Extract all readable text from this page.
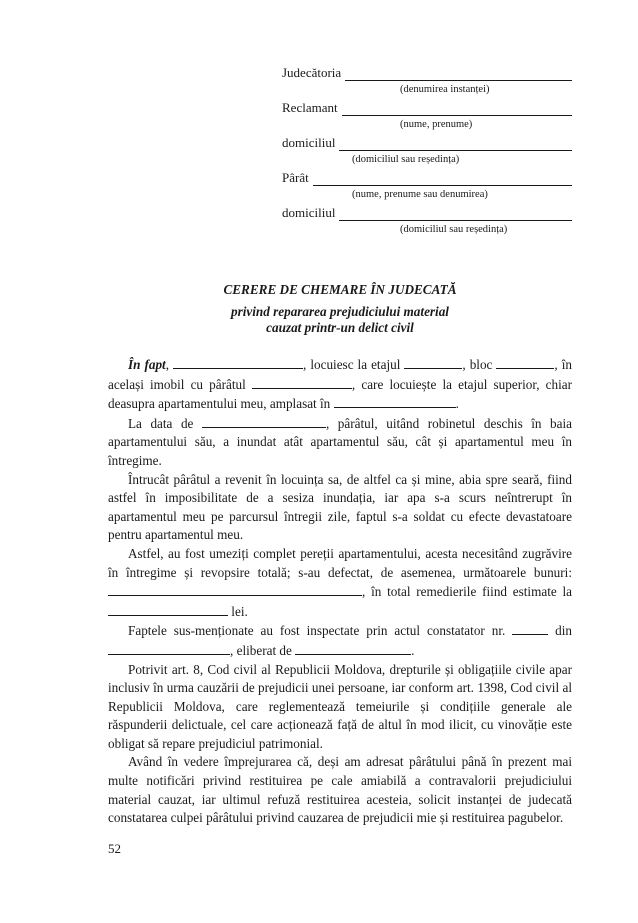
Judecătoria
(denumirea instanței)
Reclamant
(nume, prenume)
domiciliul
(domiciliul sau reședința)
Pârât
(nume, prenume sau denumirea)
domiciliul
(domiciliul sau reședința)
CERERE DE CHEMARE ÎN JUDECATĂ
privind repararea prejudiciului material
cauzat printr-un delict civil

În fapt,	, locuiesc la etajul	, bloc	, în același imobil cu pârâtul	, care locuiește la etajul superior, chiar deasupra apartamentului meu, amplasat în	.

La data de	, pârâtul, uitând robinetul deschis în baia apartamentului său, a inundat atât apartamentul său, cât și apartamentul meu în întregime.

Întrucât pârâtul a revenit în locuința sa, de altfel ca și mine, abia spre seară, fiind astfel în imposibilitate de a sesiza inundația, iar apa s-a scurs neîntrerupt în apartamentul meu pe parcursul întregii zile, faptul s-a soldat cu efecte devastatoare pentru apartamentul meu.

Astfel, au fost umeziți complet pereții apartamentului, acesta necesitând zugrăvire în întregime și revopsire totală; s-au defectat, de asemenea, următoarele bunuri: , în total remedierile fiind estimate la  lei.

Faptele sus-menționate au fost inspectate prin actul constatator nr.	din , eliberat de	.

Potrivit art. 8, Cod civil al Republicii Moldova, drepturile și obligațiile civile apar inclusiv în urma cauzării de prejudicii unei persoane, iar conform art. 1398, Cod civil al Republicii Moldova, care reglementează temeiurile și condițiile generale ale răspunderii delictuale, cel care acționează față de altul în mod ilicit, cu vinovăție este obligat să repare prejudiciul patrimonial.

Având în vedere împrejurarea că, deși am adresat pârâtului până în prezent mai multe notificări privind restituirea pe cale amiabilă a contravalorii prejudiciului material cauzat, iar ultimul refuză restituirea acesteia, solicit instanței de judecată constatarea culpei pârâtului privind cauzarea de prejudicii mie și restituirea pagubelor.

52
